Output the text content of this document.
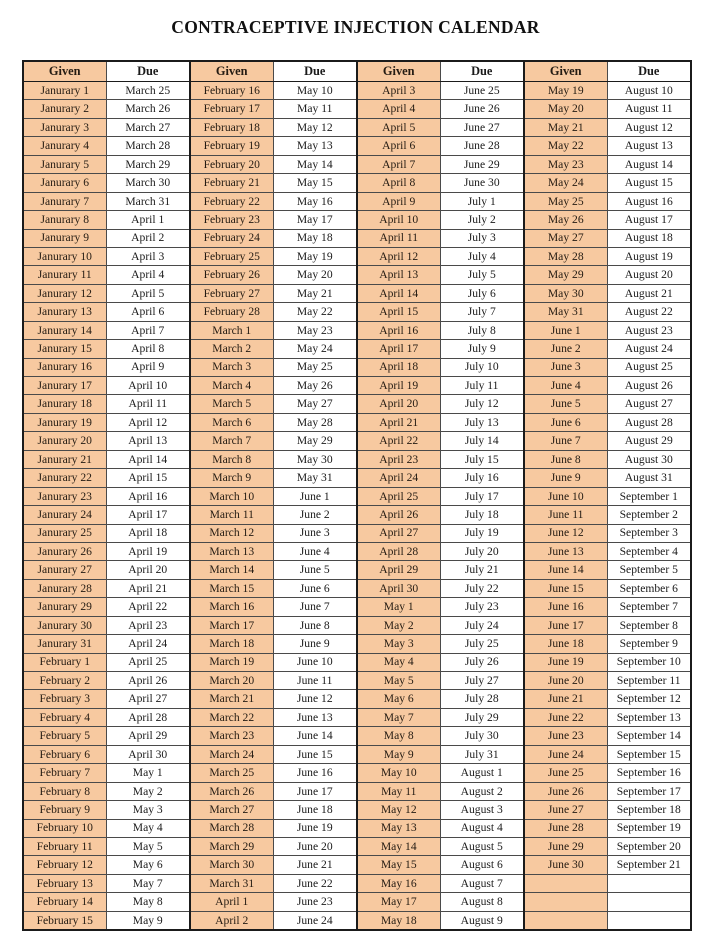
CONTRACEPTIVE INJECTION CALENDAR
Given	Due	Given	Due	Given	Due	Given	Due
Janurary 1	March 25	February 16	May 10	April 3	June 25	May 19	August 10
Janurary 2	March 26	February 17	May 11	April 4	June 26	May 20	August 11
Janurary 3	March 27	February 18	May 12	April 5	June 27	May 21	August 12
Janurary 4	March 28	February 19	May 13	April 6	June 28	May 22	August 13
Janurary 5	March 29	February 20	May 14	April 7	June 29	May 23	August 14
Janurary 6	March 30	February 21	May 15	April 8	June 30	May 24	August 15
Janurary 7	March 31	February 22	May 16	April 9	July 1	May 25	August 16
Janurary 8	April 1	February 23	May 17	April 10	July 2	May 26	August 17
Janurary 9	April 2	February 24	May 18	April 11	July 3	May 27	August 18
Janurary 10	April 3	February 25	May 19	April 12	July 4	May 28	August 19
Janurary 11	April 4	February 26	May 20	April 13	July 5	May 29	August 20
Janurary 12	April 5	February 27	May 21	April 14	July 6	May 30	August 21
Janurary 13	April 6	February 28	May 22	April 15	July 7	May 31	August 22
Janurary 14	April 7	March 1	May 23	April 16	July 8	June 1	August 23
Janurary 15	April 8	March 2	May 24	April 17	July 9	June 2	August 24
Janurary 16	April 9	March 3	May 25	April 18	July 10	June 3	August 25
Janurary 17	April 10	March 4	May 26	April 19	July 11	June 4	August 26
Janurary 18	April 11	March 5	May 27	April 20	July 12	June 5	August 27
Janurary 19	April 12	March 6	May 28	April 21	July 13	June 6	August 28
Janurary 20	April 13	March 7	May 29	April 22	July 14	June 7	August 29
Janurary 21	April 14	March 8	May 30	April 23	July 15	June 8	August 30
Janurary 22	April 15	March 9	May 31	April 24	July 16	June 9	August 31
Janurary 23	April 16	March 10	June 1	April 25	July 17	June 10	September 1
Janurary 24	April 17	March 11	June 2	April 26	July 18	June 11	September 2
Janurary 25	April 18	March 12	June 3	April 27	July 19	June 12	September 3
Janurary 26	April 19	March 13	June 4	April 28	July 20	June 13	September 4
Janurary 27	April 20	March 14	June 5	April 29	July 21	June 14	September 5
Janurary 28	April 21	March 15	June 6	April 30	July 22	June 15	September 6
Janurary 29	April 22	March 16	June 7	May 1	July 23	June 16	September 7
Janurary 30	April 23	March 17	June 8	May 2	July 24	June 17	September 8
Janurary 31	April 24	March 18	June 9	May 3	July 25	June 18	September 9
February 1	April 25	March 19	June 10	May 4	July 26	June 19	September 10
February 2	April 26	March 20	June 11	May 5	July 27	June 20	September 11
February 3	April 27	March 21	June 12	May 6	July 28	June 21	September 12
February 4	April 28	March 22	June 13	May 7	July 29	June 22	September 13
February 5	April 29	March 23	June 14	May 8	July 30	June 23	September 14
February 6	April 30	March 24	June 15	May 9	July 31	June 24	September 15
February 7	May 1	March 25	June 16	May 10	August 1	June 25	September 16
February 8	May 2	March 26	June 17	May 11	August 2	June 26	September 17
February 9	May 3	March 27	June 18	May 12	August 3	June 27	September 18
February 10	May 4	March 28	June 19	May 13	August 4	June 28	September 19
February 11	May 5	March 29	June 20	May 14	August 5	June 29	September 20
February 12	May 6	March 30	June 21	May 15	August 6	June 30	September 21
February 13	May 7	March 31	June 22	May 16	August 7		
February 14	May 8	April 1	June 23	May 17	August 8		
February 15	May 9	April 2	June 24	May 18	August 9		
